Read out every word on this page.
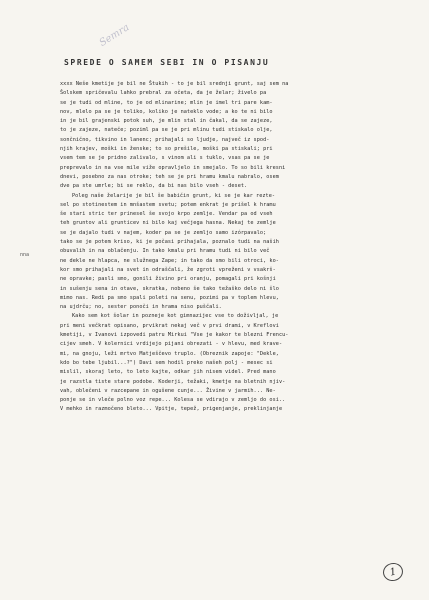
Semra
SPREDE O SAMEM SEBI IN O PISANJU
nna
xxxx Neše kmetije je bil ne Štukih - to je bil srednji grunt, saj sem na
Šolskem spričevalu lahko prebral za očeta, da je želar; živelo pa
se je tudi od mline, to je od mlinarine; mlin je imel tri pare kam-
nov, mlelo pa se je toliko, koliko je nateklo vode; a ko te ni bilo
in je bil grajenski potok suh, je mlin stal in čakal, da se zajeze,
to je zajeze, nateče; poziml pa se je pri mlinu tudi stiskalo olje,
sončnično, tikvino in lanenc; prihajali so ljudje, največ iz spod-
njih krajev, moški in ženske; to so prešile, moški pa stiskali; pri
vsem tem se je pridno zalivalo, s vinom ali s tuklo, vsas pa se je
preprevalo in na vse mile viže opravljelo in smejalo. To so bili kresni
dnevi, posebno za nas otroke; teh se je pri hramu kmalu nabralo, osem
dve pa ste umrle; bi se reklo, da bi nas bilo vseh - deset.
Poleg naše želarije je bil še babičin grunt, ki se je kar rezte-
sel po stotinestem in mnšastem svetu; potem enkrat je prišel k hramu
še stari stric ter prinesel še svojo krpo zemlje. Vendar pa od vseh
teh gruntov ali grunticev ni bilo kaj večjega hasna. Nekaj te zemlje
se je dajalo tudi v najem, koder pa se je zemljo samo izórpavalo;
tako se je potem kriso, ki je počasi prihajala, poznalo tudi na naših
obuvalih in na oblačenju. In tako kmalu pri hramu tudi ni bilo več
ne dekle ne hlapca, ne služnega Zape; in tako da smo bili otroci, ko-
kor smo prihajali na svet in odraščali, že zgroti vpreženi v vsakrš-
ne opravke; pasli smo, gonili živino pri oranju, pomagali pri košnji
in sušenju sena in otave, skratka, nobeno še tako težaško delo ni šlo
mimo nas. Redi pa smo spali poleti na senu, pozimi pa v toplem hlevu,
na ujdrču; no, sester ponoči in hrama niso puščali.
Kako sem kot šolar in pozneje kot gimnazijec vse to doživljal, je
pri meni večkrat opisano, prvikrat nekaj več v prvi drami, v Kreflovi
kmetiji, v Ivanovi izpovedi patru Mirkui "Vse je kakor te blezni Frencu-
cijev smeh. V kolernici vrdijejo pijani obrezati - v hlevu, med krave-
mi, na gnoju, leži mrtvo Matješčevo truplo. (Obreznik zapoje: "Dekle,
kdo bo tebe ljubil...?") Davi sem hodil preko našeh polj - mesec si
mislil, skoraj leto, to leto kajte, odkar jih nisem videl. Pred mano
je razstla tiste stare podobe. Koderji, težaki, kmetje na bletnih njiv-
vah, oblečeni v razcepane in ogušene cunje... Živine v jarmih... Ne-
ponje se in vleče polno voz repe... Kolesa se vdirajo v zemljo do osi..
V mehko in razmočeno bleto... Vpitje, tepež, prigenjanje, preklinjanje
1
